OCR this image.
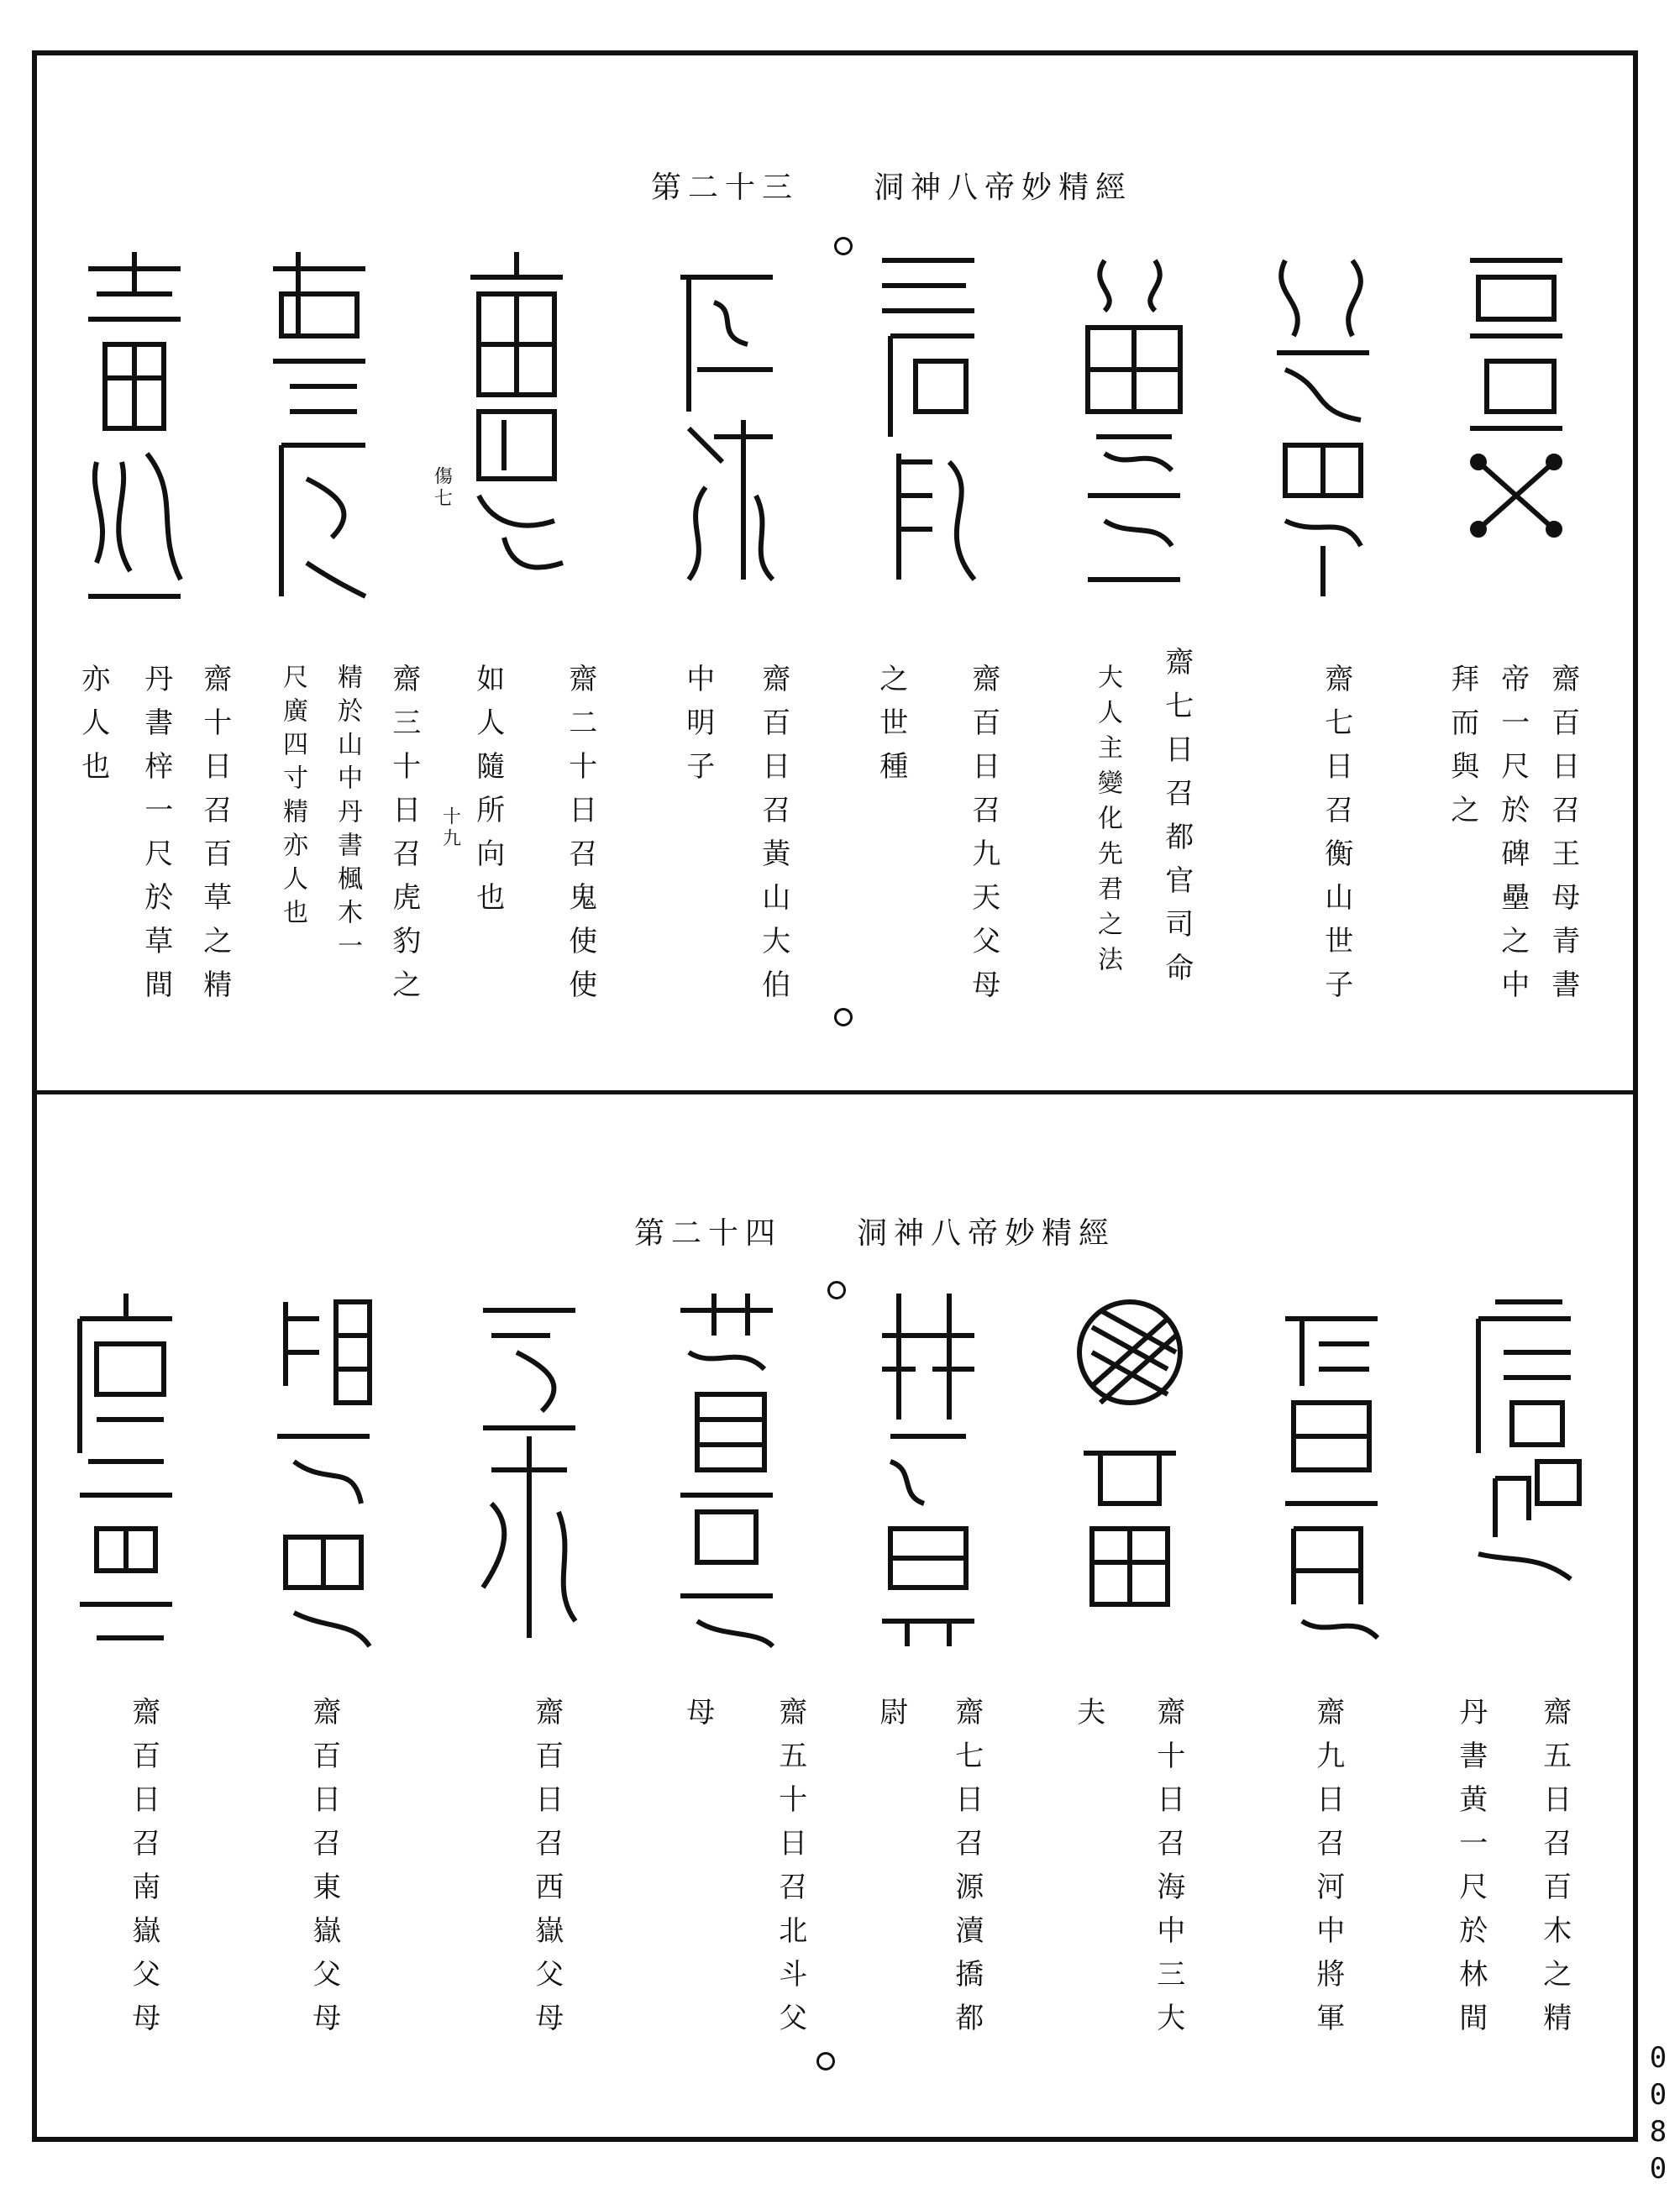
第二十三 洞神八帝妙精經
第二十四 洞神八帝妙精經
齋百日召王母青書
帝一尺於碑壘之中
拜而與之
齋七日召衡山世子
齋七日召都官司命
大人主變化先君之法
齋百日召九天父母
之世種
齋百日召黃山大伯
中明子
齋二十日召鬼使使
如人隨所向也
齋三十日召虎豹之
精於山中丹書楓木一
尺廣四寸精亦人也
齋十日召百草之精
丹書梓一尺於草間
亦人也
傷七
十九
齋五日召百木之精
丹書黄一尺於林間
齋九日召河中將軍
齋十日召海中三大
夫
齋七日召源瀆撟都
尉
齋五十日召北斗父
母
齋百日召西嶽父母
齋百日召東嶽父母
齋百日召南嶽父母
0080
